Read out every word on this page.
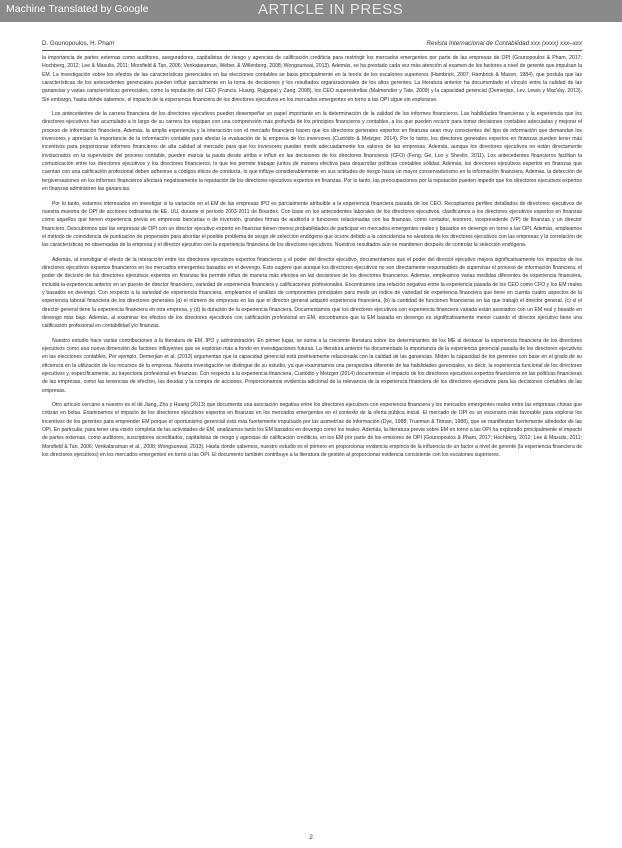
Machine Translated by Google	ARTICLE IN PRESS
D. Gounopoulos, H. Pham	Revista Internacional de Contabilidad xxx (xxxx) xxx–xxx

la importancia de partes externas como auditores, aseguradores, capitalistas de riesgo y agencias de calificación crediticia para restringir los mercados emergentes por parte de las empresas de OPI (Gounopoulos & Pham, 2017; Hochberg, 2012; Lee & Masulis, 2011; Morsfield & Tan, 2006; Venkataraman, Weber, & Willenborg, 2008; Wongsunwai, 2013). Además, se ha prestado cada vez más atención al examen de los factores a nivel de gerente que impulsan la EM. La investigación sobre los efectos de las características gerenciales en las elecciones contables se basa principalmente en la teoría de los escalones superiores (Hambrick, 2007; Hambrick & Mason, 1984), que postula que las características de los antecedentes gerenciales pueden influir parcialmente en la toma de decisiones y los resultados organizacionales de los altos gerentes. La literatura anterior ha documentado el vínculo entre la calidad de las ganancias y varias características gerenciales, como la reputación del CEO (Francis, Huang, Rajgopal y Zang, 2008), los CEO superestrellas (Malmendier y Tate, 2009) y la capacidad gerencial (Demerjian, Lev, Lewis y MacVay, 2013). Sin embargo, hasta donde sabemos, el impacto de la experiencia financiera de los directores ejecutivos en los mercados emergentes en torno a las OPI sigue sin explorarse.

Los antecedentes de la carrera financiera de los directores ejecutivos pueden desempeñar un papel importante en la determinación de la calidad de los informes financieros. Las habilidades financieras y la experiencia que los directores ejecutivos han acumulado a lo largo de su carrera los equipan con una comprensión más profunda de los principios financieros y contables, a los que pueden recurrir para tomar decisiones contables adecuadas y mejorar el proceso de información financiera. Además, la amplia experiencia y la interacción con el mercado financiero hacen que los directores generales expertos en finanzas sean muy conscientes del tipo de información que demandan los inversores y aprecian la importancia de la información contable para afectar la evaluación de la empresa de los inversores (Custódio & Metzger, 2014). Por lo tanto, los directores generales expertos en finanzas pueden tener más incentivos para proporcionar informes financieros de alta calidad al mercado para que los inversores puedan medir adecuadamente los valores de las empresas. Además, aunque los directores ejecutivos no están directamente involucrados en la supervisión del proceso contable, pueden marcar la pauta desde arriba e influir en las decisiones de los directores financieros (CFO) (Feng, Ge, Luo y Shevlin, 2011). Los antecedentes financieros facilitan la comunicación entre los directores ejecutivos y los directores financieros, lo que les permite trabajar juntos de manera efectiva para desarrollar políticas contables sólidas. Además, los directores ejecutivos expertos en finanzas que cuentan con una calificación profesional deben adherirse a códigos éticos de conducta, lo que influye considerablemente en sus actitudes de riesgo hacia un mayor conservadurismo en la información financiera. Además, la detección de tergiversaciones en los informes financieros afectará negativamente la reputación de los directores ejecutivos expertos en finanzas. Por lo tanto, las preocupaciones por la reputación pueden impedir que los directores ejecutivos expertos en finanzas administren las ganancias.

Por lo tanto, estamos interesados en investigar si la variación en el EM de las empresas IPO es parcialmente atribuible a la experiencia financiera pasada de los CEO. Recopilamos perfiles detallados de directores ejecutivos de nuestra muestra de OPI de acciones ordinarias de EE. UU. durante el período 2003-2011 de Boardex. Con base en los antecedentes laborales de los directores ejecutivos, clasificamos a los directores ejecutivos expertos en finanzas como aquellos que tienen experiencia previa en empresas bancarias o de inversión, grandes firmas de auditoría o funciones relacionadas con las finanzas, como contador, tesorero, vicepresidente (VP) de finanzas y un director financiero. Descubrimos que las empresas de OPI con un director ejecutivo experto en finanzas tienen menos probabilidades de participar en mercados emergentes reales y basados en devengo en torno a las OPI. Además, empleamos el método de coincidencia de puntuación de propensión para abordar el posible problema de sesgo de selección endógeno que ocurre debido a la coincidencia no aleatoria de los directores ejecutivos con las empresas y la correlación de las características no observadas de la empresa y el director ejecutivo con la experiencia financiera de los directores ejecutivos. Nuestros resultados aún se mantienen después de controlar la selección endógena.

Además, al investigar el efecto de la interacción entre los directores ejecutivos expertos financieros y el poder del director ejecutivo, documentamos que el poder del director ejecutivo mejora significativamente los impactos de los directores ejecutivos expertos financieros en los mercados emergentes basados en el devengo. Esto sugiere que aunque los directores ejecutivos no son directamente responsables de supervisar el proceso de información financiera, el poder de decisión de los directores ejecutivos expertos en finanzas les permite influir de manera más efectiva en las decisiones de los directores financieros. Además, empleamos varias medidas diferentes de experiencia financiera, incluida la experiencia anterior en un puesto de director financiero, variedad de experiencia financiera y calificaciones profesionales. Encontramos una relación negativa entre la experiencia pasada de los CEO como CFO y los EM reales y basados en devengo. Con respecto a la variedad de experiencia financiera, empleamos el análisis de componentes principales para medir un índice de variedad de experiencia financiera que tiene en cuenta cuatro aspectos de la experiencia laboral financiera de los directores generales (a) el número de empresas en las que el director general adquirió experiencia financiera, (b) la cantidad de funciones financieras en las que trabajó el director general, (c) si el director general tiene la experiencia financiera en otra empresa, y (d) la duración de la experiencia financiera. Documentamos que los directores ejecutivos con experiencia financiera variada están asociados con un EM real y basado en devengo más bajo. Además, al examinar los efectos de los directores ejecutivos con calificación profesional en EM, encontramos que la EM basada en devengo es significativamente menor cuando el director ejecutivo tiene una calificación profesional en contabilidad y/o finanzas.

Nuestro estudio hace varias contribuciones a la literatura de EM, IPO y administración. En primer lugar, se suma a la creciente literatura sobre los determinantes de los ME al destacar la experiencia financiera de los directores ejecutivos como una nueva dimensión de factores influyentes que se exploran más a fondo en investigaciones futuras. La literatura anterior ha documentado la importancia de la experiencia gerencial pasada de los directores ejecutivos en las elecciones contables. Por ejemplo, Demerjian et al. (2013) argumentan que la capacidad gerencial está positivamente relacionada con la calidad de las ganancias. Miden la capacidad de los gerentes con base en el grado de su eficiencia en la utilización de los recursos de la empresa. Nuestra investigación se distingue de su estudio, ya que examinamos una perspectiva diferente de las habilidades gerenciales, es decir, la experiencia funcional de los directores ejecutivos y, específicamente, su trayectoria profesional en finanzas. Con respecto a la experiencia financiera, Custódio y Metzger (2014) documentan el impacto de los directores ejecutivos expertos financieros en las políticas financieras de las empresas, como las tenencias de efectivo, las deudas y la compra de acciones. Proporcionamos evidencia adicional de la relevancia de la experiencia financiera de los directores ejecutivos para las decisiones contables de las empresas.

Otro artículo cercano a nuestro es el de Jiang, Zhu y Huang (2013) que documenta una asociación negativa entre los directores ejecutivos con experiencia financiera y los mercados emergentes reales entre las empresas chinas que cotizan en bolsa. Examinamos el impacto de los directores ejecutivos expertos en finanzas en los mercados emergentes en el contexto de la oferta pública inicial. El mercado de OPI es un escenario más favorable para explorar los incentivos de los gerentes para emprender EM porque el oportunismo gerencial está más fuertemente impulsado por las asimetrías de información (Dye, 1988; Trueman & Titman, 1988), que se manifiestan fuertemente alrededor de las OPI. En particular, para tener una visión completa de las actividades de EM, analizamos tanto los EM basados en devengo como los reales. Además, la literatura previa sobre EM en torno a las OPI ha explorado principalmente el impacto de partes externas, como auditores, suscriptores acreditados, capitalistas de riesgo y agencias de calificación crediticia, en los EM por parte de los emisores de OPI (Gounopoulos & Pham, 2017; Hochberg, 2012; Lee & Masulis, 2011; Morsfield & Tan, 2006; Venkataraman et al., 2008; Wongsunwai, 2013). Hasta donde sabemos, nuestro estudio es el primero en proporcionar evidencia empírica de la influencia de un factor a nivel de gerente (la experiencia financiera de los directores ejecutivos) en los mercados emergentes en torno a las OPI. El documento también contribuye a la literatura de gestión al proporcionar evidencia consistente con los escalones superiores.

2
